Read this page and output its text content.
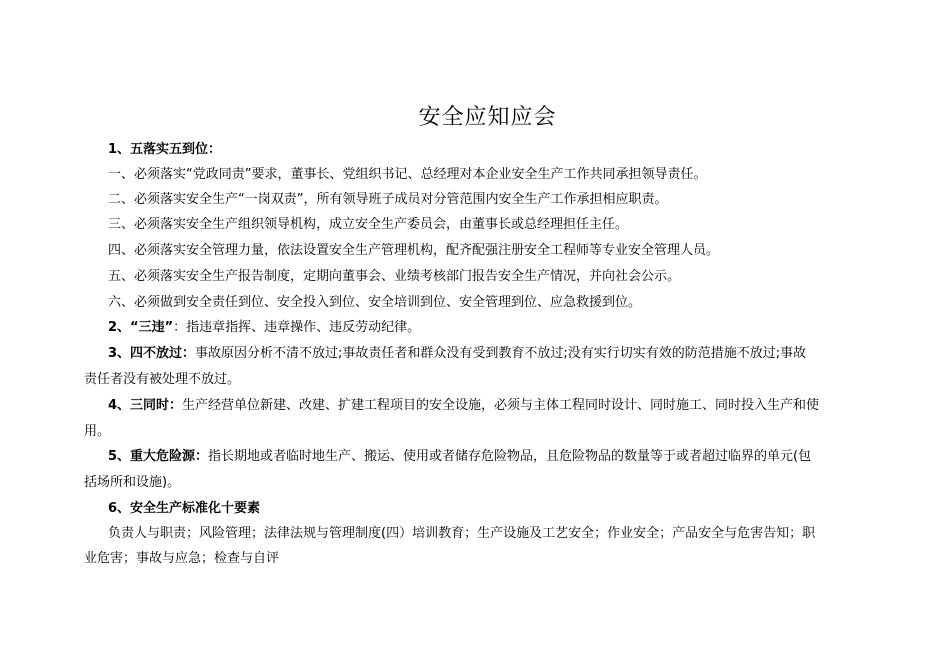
安全应知应会
1、五落实五到位：
一、必须落实“党政同责”要求，董事长、党组织书记、总经理对本企业安全生产工作共同承担领导责任。
二、必须落实安全生产“一岗双责”，所有领导班子成员对分管范围内安全生产工作承担相应职责。
三、必须落实安全生产组织领导机构，成立安全生产委员会，由董事长或总经理担任主任。
四、必须落实安全管理力量，依法设置安全生产管理机构，配齐配强注册安全工程师等专业安全管理人员。
五、必须落实安全生产报告制度，定期向董事会、业绩考核部门报告安全生产情况，并向社会公示。
六、必须做到安全责任到位、安全投入到位、安全培训到位、安全管理到位、应急救援到位。
2、“三违”：指违章指挥、违章操作、违反劳动纪律。
3、四不放过：事故原因分析不清不放过;事故责任者和群众没有受到教育不放过;没有实行切实有效的防范措施不放过;事故
责任者没有被处理不放过。
4、三同时：生产经营单位新建、改建、扩建工程项目的安全设施，必须与主体工程同时设计、同时施工、同时投入生产和使
用。
5、重大危险源：指长期地或者临时地生产、搬运、使用或者储存危险物品，且危险物品的数量等于或者超过临界的单元(包
括场所和设施)。
6、安全生产标准化十要素
负责人与职责；风险管理；法律法规与管理制度(四）培训教育；生产设施及工艺安全；作业安全；产品安全与危害告知；职
业危害；事故与应急；检查与自评
